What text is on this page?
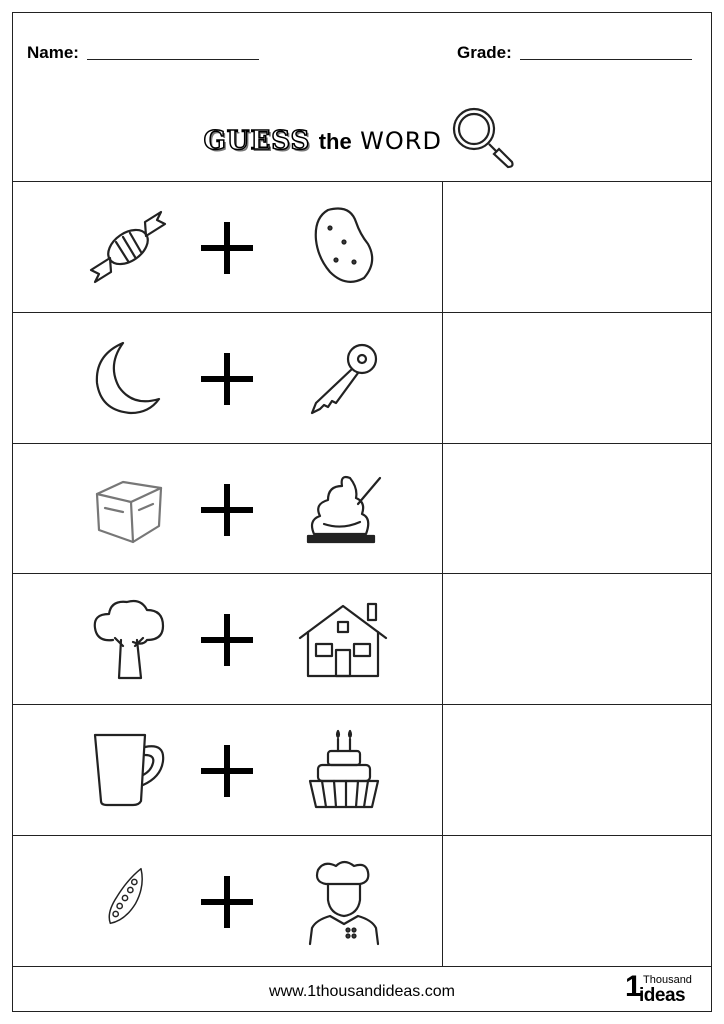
Name:	Grade:
GUESS the WORD
www.1thousandideas.com	1 Thousand
ideas
